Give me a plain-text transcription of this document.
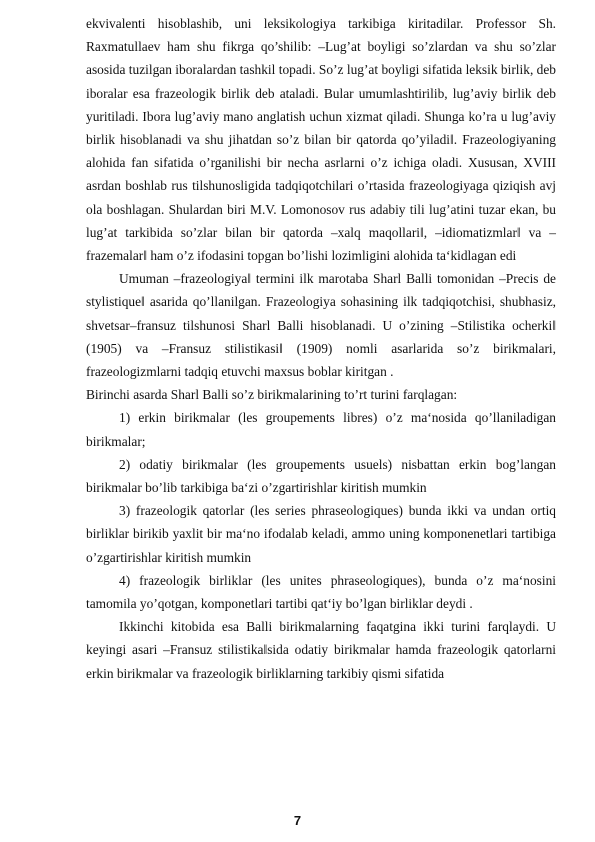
ekvivalenti hisoblashib, uni leksikologiya tarkibiga kiritadilar. Professor Sh. Raxmatullaev ham shu fikrga qo’shilib: ‒Lug’at boyligi so’zlardan va shu so’zlar asosida tuzilgan iboralardan tashkil topadi. So’z lug’at boyligi sifatida leksik birlik, deb iboralar esa frazeologik birlik deb ataladi. Bular umumlashtirilib, lug’aviy birlik deb yuritiladi. Ibora lug’aviy mano anglatish uchun xizmat qiladi. Shunga ko’ra u lug’aviy birlik hisoblanadi va shu jihatdan so’z bilan bir qatorda qo’yiladi‖. Frazeologiyaning alohida fan sifatida o’rganilishi bir necha asrlarni o’z ichiga oladi. Xususan, XVIII asrdan boshlab rus tilshunosligida tadqiqotchilari o’rtasida frazeologiyaga qiziqish avj ola boshlagan. Shulardan biri M.V. Lomonosov rus adabiy tili lug’atini tuzar ekan, bu lug’at tarkibida so’zlar bilan bir qatorda ‒xalq maqollari‖, ‒idiomatizmlar‖ va ‒frazemalar‖ ham o’z ifodasini topgan bo’lishi lozimligini alohida ta‘kidlagan edi

Umuman ‒frazeologiya‖ termini ilk marotaba Sharl Balli tomonidan ‒Precis de stylistique‖ asarida qo’llanilgan. Frazeologiya sohasining ilk tadqiqotchisi, shubhasiz, shvetsar‒fransuz tilshunosi Sharl Balli hisoblanadi. U o’zining ‒Stilistika ocherki‖ (1905) va ‒Fransuz stilistikasi‖ (1909) nomli asarlarida so’z birikmalari, frazeologizmlarni tadqiq etuvchi maxsus boblar kiritgan .

Birinchi asarda Sharl Balli so’z birikmalarining to’rt turini farqlagan:

1) erkin birikmalar (les groupements libres) o’z ma‘nosida qo’llaniladigan birikmalar;

2) odatiy birikmalar (les groupements usuels) nisbattan erkin bog’langan birikmalar bo’lib tarkibiga ba‘zi o’zgartirishlar kiritish mumkin

3) frazeologik qatorlar (les series phraseologiques) bunda ikki va undan ortiq birliklar birikib yaxlit bir ma‘no ifodalab keladi, ammo uning komponenetlari tartibiga o’zgartirishlar kiritish mumkin

4) frazeologik birliklar (les unites phraseologiques), bunda o’z ma‘nosini tamomila yo’qotgan, komponetlari tartibi qat‘iy bo’lgan birliklar deydi .

Ikkinchi kitobida esa Balli birikmalarning faqatgina ikki turini farqlaydi. U keyingi asari ‒Fransuz stilistika‖sida odatiy birikmalar hamda frazeologik qatorlarni erkin birikmalar va frazeologik birliklarning tarkibiy qismi sifatida

7
